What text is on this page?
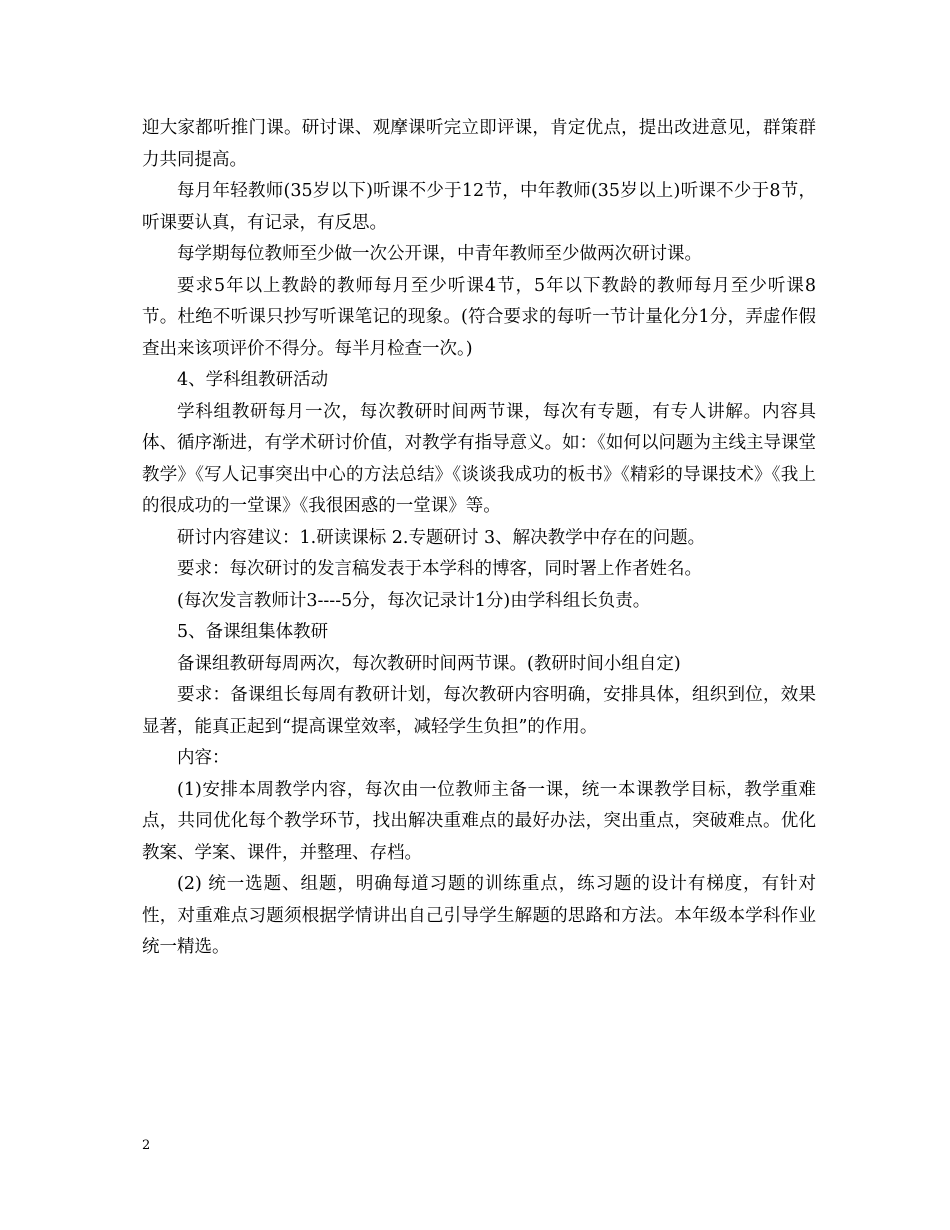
迎大家都听推门课。研讨课、观摩课听完立即评课，肯定优点，提出改进意见，群策群力共同提高。

每月年轻教师(35岁以下)听课不少于12节，中年教师(35岁以上)听课不少于8节，听课要认真，有记录，有反思。

每学期每位教师至少做一次公开课，中青年教师至少做两次研讨课。

要求5年以上教龄的教师每月至少听课4节，5年以下教龄的教师每月至少听课8节。杜绝不听课只抄写听课笔记的现象。(符合要求的每听一节计量化分1分，弄虚作假查出来该项评价不得分。每半月检查一次。)

4、学科组教研活动

学科组教研每月一次，每次教研时间两节课，每次有专题，有专人讲解。内容具体、循序渐进，有学术研讨价值，对教学有指导意义。如：《如何以问题为主线主导课堂教学》《写人记事突出中心的方法总结》《谈谈我成功的板书》《精彩的导课技术》《我上的很成功的一堂课》《我很困惑的一堂课》等。

研讨内容建议：1.研读课标 2.专题研讨 3、解决教学中存在的问题。

要求：每次研讨的发言稿发表于本学科的博客，同时署上作者姓名。

(每次发言教师计3----5分，每次记录计1分)由学科组长负责。

5、备课组集体教研

备课组教研每周两次，每次教研时间两节课。(教研时间小组自定)

要求：备课组长每周有教研计划，每次教研内容明确，安排具体，组织到位，效果显著，能真正起到“提高课堂效率，减轻学生负担”的作用。

内容：

(1)安排本周教学内容，每次由一位教师主备一课，统一本课教学目标，教学重难点，共同优化每个教学环节，找出解决重难点的最好办法，突出重点，突破难点。优化教案、学案、课件，并整理、存档。

(2) 统一选题、组题，明确每道习题的训练重点，练习题的设计有梯度，有针对性，对重难点习题须根据学情讲出自己引导学生解题的思路和方法。本年级本学科作业统一精选。

2
